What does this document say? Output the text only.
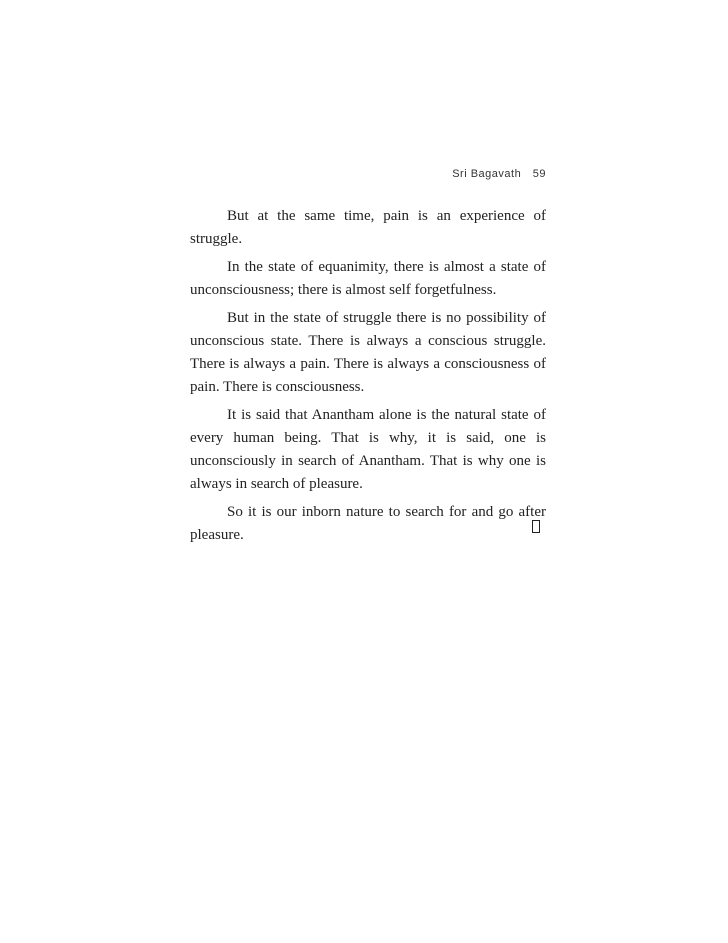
Sri Bagavath 59

But at the same time, pain is an experience of struggle.

In the state of equanimity, there is almost a state of unconsciousness; there is almost self forgetfulness.

But in the state of struggle there is no possibility of unconscious state. There is always a conscious struggle. There is always a pain. There is always a consciousness of pain. There is consciousness.

It is said that Anantham alone is the natural state of every human being. That is why, it is said, one is unconsciously in search of Anantham. That is why one is always in search of pleasure.

So it is our inborn nature to search for and go after pleasure.
